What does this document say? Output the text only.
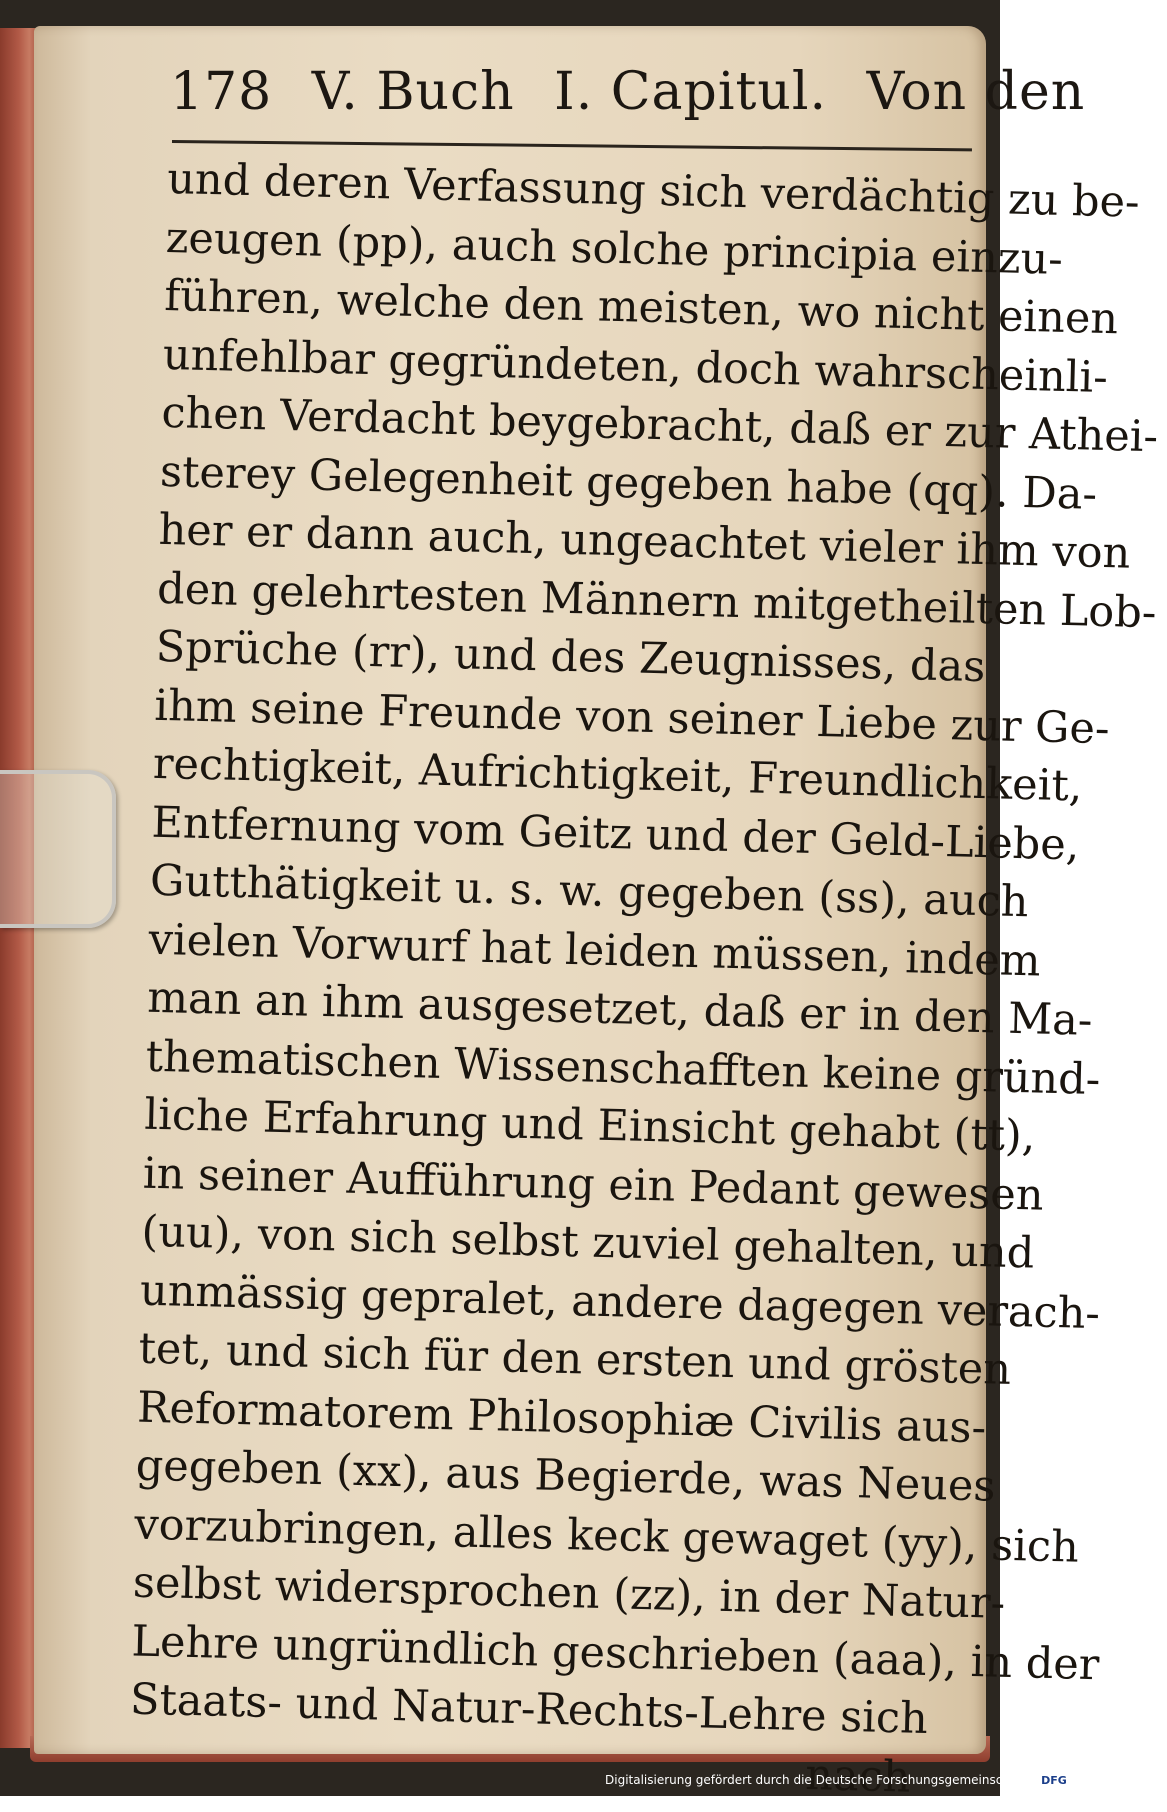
178 V. Buch I. Capitul. Von den
und deren Verfassung sich verdächtig zu be-
zeugen (pp), auch solche principia einzu-
führen, welche den meisten, wo nicht einen
unfehlbar gegründeten, doch wahrscheinli-
chen Verdacht beygebracht, daß er zur Athei-
sterey Gelegenheit gegeben habe (qq). Da-
her er dann auch, ungeachtet vieler ihm von
den gelehrtesten Männern mitgetheilten Lob-
Sprüche (rr), und des Zeugnisses, das
ihm seine Freunde von seiner Liebe zur Ge-
rechtigkeit, Aufrichtigkeit, Freundlichkeit,
Entfernung vom Geitz und der Geld-Liebe,
Gutthätigkeit u. s. w. gegeben (ss), auch
vielen Vorwurf hat leiden müssen, indem
man an ihm ausgesetzet, daß er in den Ma-
thematischen Wissenschafften keine gründ-
liche Erfahrung und Einsicht gehabt (tt),
in seiner Aufführung ein Pedant gewesen
(uu), von sich selbst zuviel gehalten, und
unmässig gepralet, andere dagegen verach-
tet, und sich für den ersten und grösten
Reformatorem Philosophiæ Civilis aus-
gegeben (xx), aus Begierde, was Neues
vorzubringen, alles keck gewaget (yy), sich
selbst widersprochen (zz), in der Natur-
Lehre ungründlich geschrieben (aaa), in der
Staats- und Natur-Rechts-Lehre sich
nach
Digitalisierung gefördert durch die Deutsche Forschungsgemeinschaft - DFG
